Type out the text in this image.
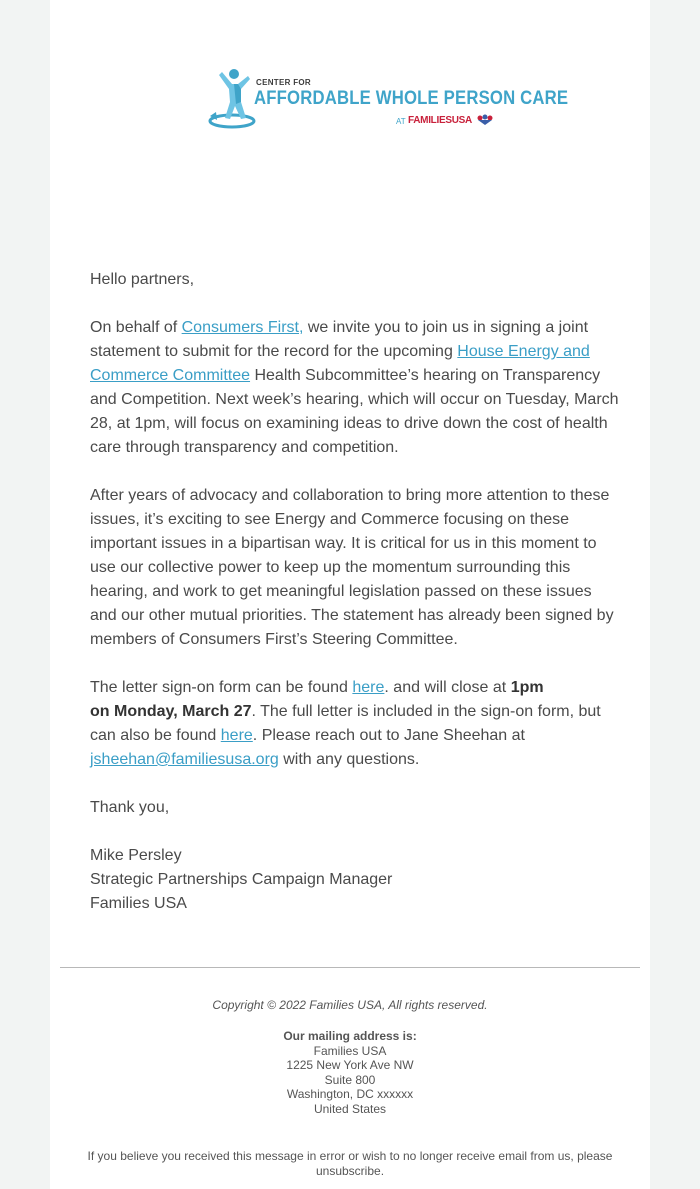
CENTER FOR
AFFORDABLE WHOLE PERSON CARE
AT FAMILIESUSA

Hello partners,

On behalf of Consumers First, we invite you to join us in signing a joint statement to submit for the record for the upcoming House Energy and Commerce Committee Health Subcommittee’s hearing on Transparency and Competition. Next week’s hearing, which will occur on Tuesday, March 28, at 1pm, will focus on examining ideas to drive down the cost of health care through transparency and competition.

After years of advocacy and collaboration to bring more attention to these issues, it’s exciting to see Energy and Commerce focusing on these important issues in a bipartisan way. It is critical for us in this moment to use our collective power to keep up the momentum surrounding this hearing, and work to get meaningful legislation passed on these issues and our other mutual priorities. The statement has already been signed by members of Consumers First’s Steering Committee.

The letter sign-on form can be found here. and will close at 1pm
on Monday, March 27. The full letter is included in the sign-on form, but can also be found here. Please reach out to Jane Sheehan at jsheehan@familiesusa.org with any questions.

Thank you,

Mike Persley
Strategic Partnerships Campaign Manager
Families USA

Copyright © 2022 Families USA, All rights reserved.
Our mailing address is:
Families USA
1225 New York Ave NW
Suite 800
Washington, DC xxxxxx
United States
If you believe you received this message in error or wish to no longer receive email from us, please unsubscribe.
